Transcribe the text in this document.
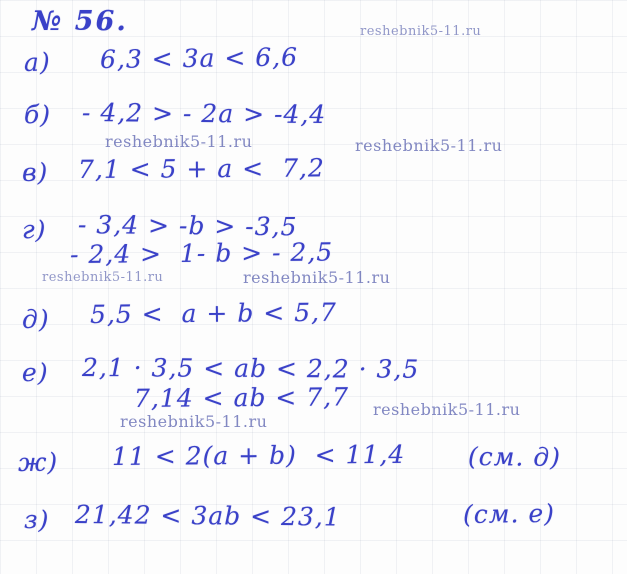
№ 56.	reshebnik5-11.ru
reshebnik5-11.ru	reshebnik5-11.ru
reshebnik5-11.ru	reshebnik5-11.ru
reshebnik5-11.ru
reshebnik5-11.ru
а) 6,3 < 3a < 6,6
б) - 4,2 > - 2a > -4,4
в) 7,1 < 5 + a <  7,2
г) - 3,4 > -b > -3,5
- 2,4 >  1- b > - 2,5
д) 5,5 <  a + b < 5,7
е) 2,1 · 3,5 < ab < 2,2 · 3,5
7,14 < ab < 7,7
ж) 11 < 2(a + b)  < 11,4 (см. д)
з) 21,42 < 3ab < 23,1	(см. е)
